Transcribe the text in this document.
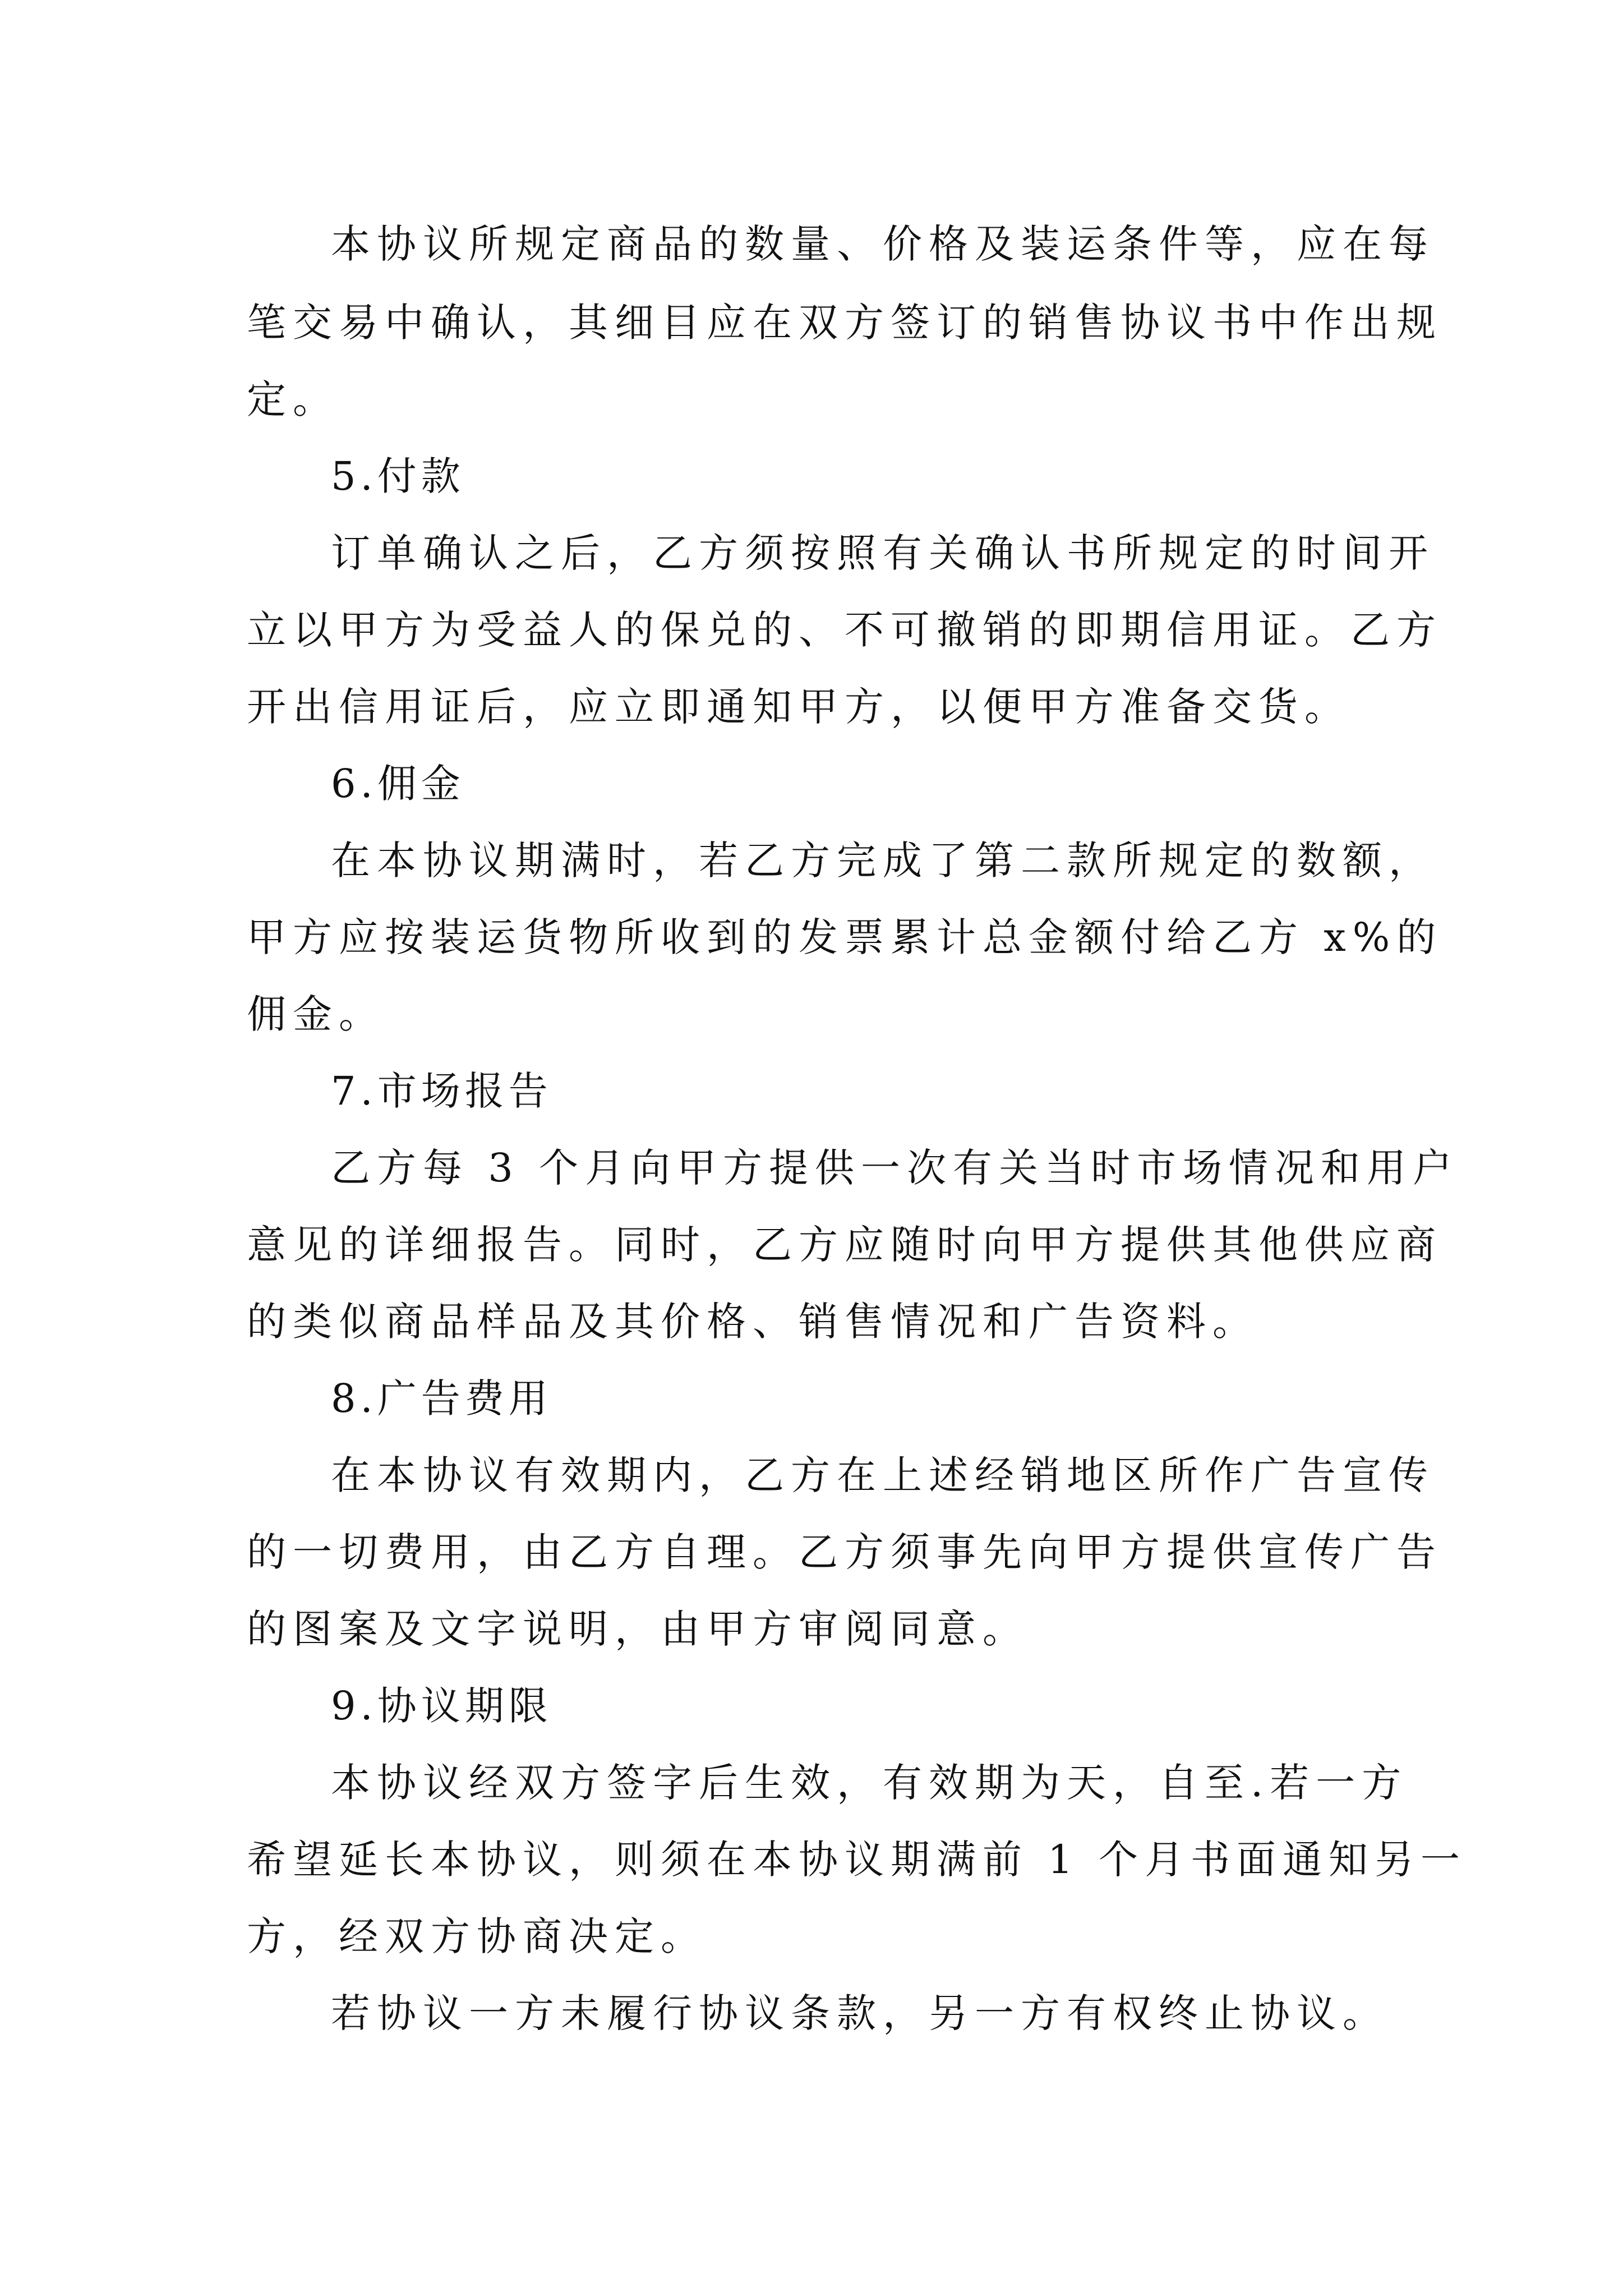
本协议所规定商品的数量、价格及装运条件等，应在每
笔交易中确认，其细目应在双方签订的销售协议书中作出规
定。
5.付款
订单确认之后，乙方须按照有关确认书所规定的时间开
立以甲方为受益人的保兑的、不可撤销的即期信用证。乙方
开出信用证后，应立即通知甲方，以便甲方准备交货。
6.佣金
在本协议期满时，若乙方完成了第二款所规定的数额，
甲方应按装运货物所收到的发票累计总金额付给乙方 x%的
佣金。
7.市场报告
乙方每 3 个月向甲方提供一次有关当时市场情况和用户
意见的详细报告。同时，乙方应随时向甲方提供其他供应商
的类似商品样品及其价格、销售情况和广告资料。
8.广告费用
在本协议有效期内，乙方在上述经销地区所作广告宣传
的一切费用，由乙方自理。乙方须事先向甲方提供宣传广告
的图案及文字说明，由甲方审阅同意。
9.协议期限
本协议经双方签字后生效，有效期为天，自至.若一方
希望延长本协议，则须在本协议期满前 1 个月书面通知另一
方，经双方协商决定。
若协议一方未履行协议条款，另一方有权终止协议。
